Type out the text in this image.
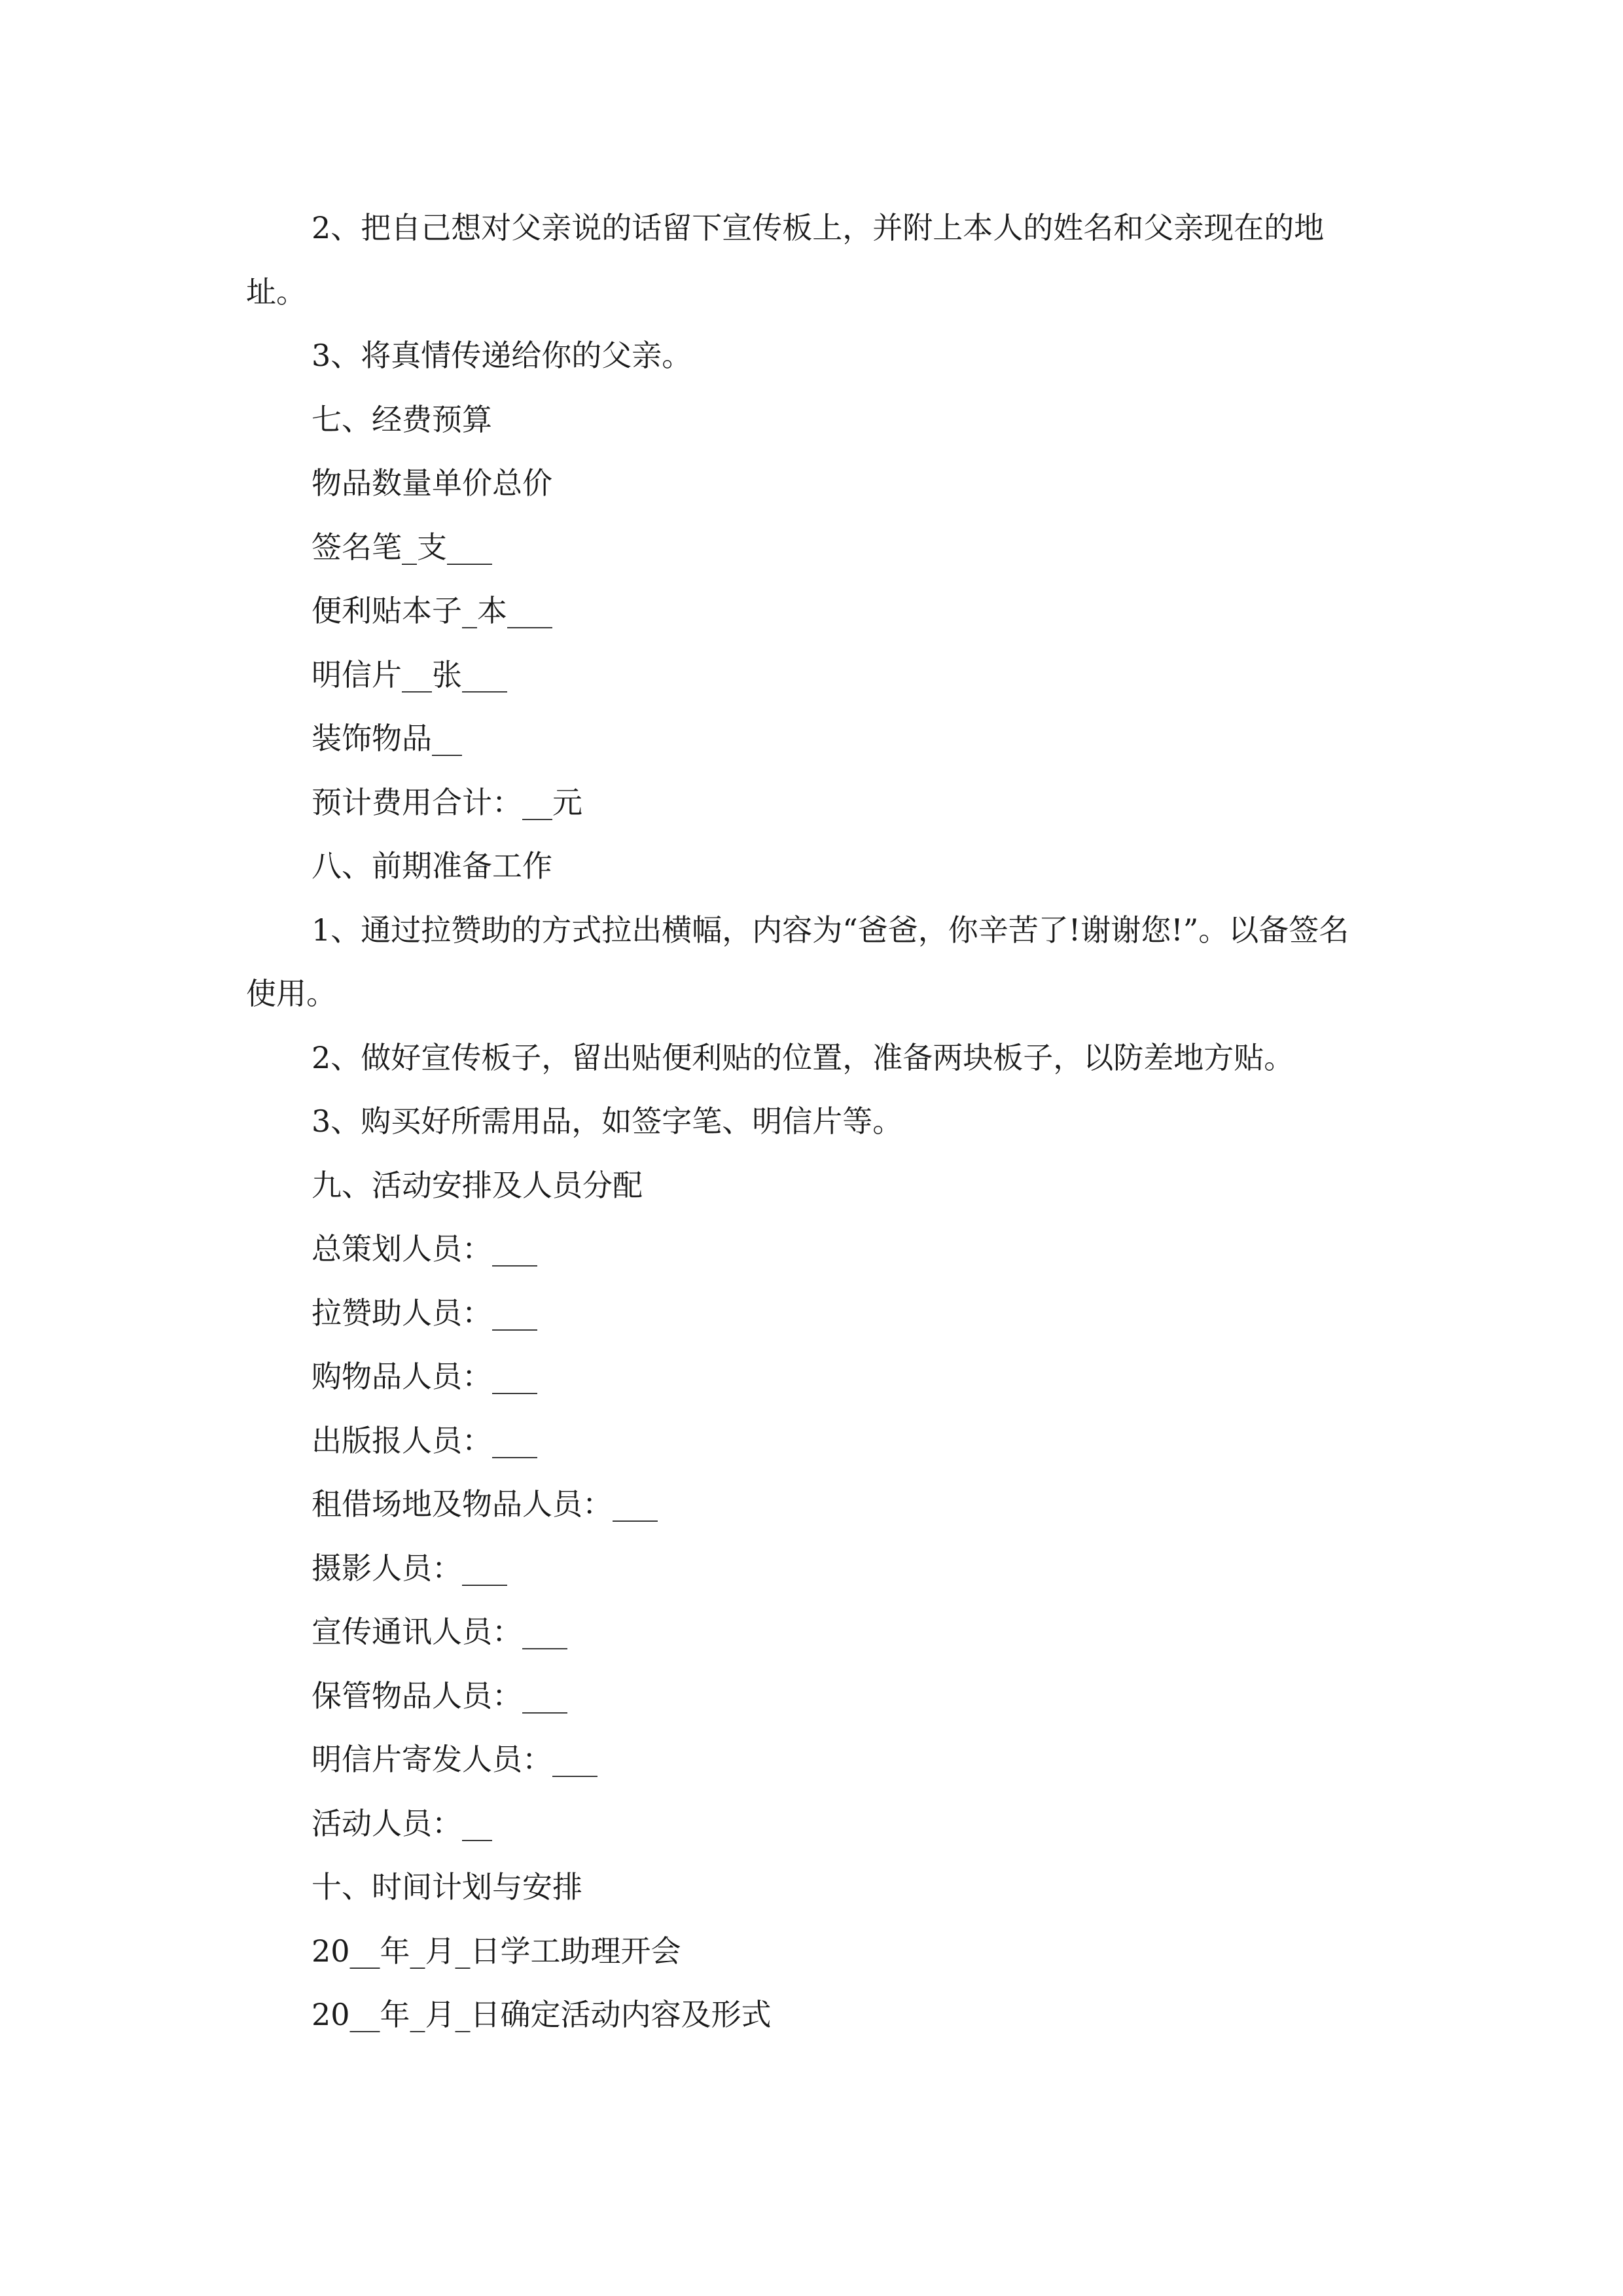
2、把自己想对父亲说的话留下宣传板上，并附上本人的姓名和父亲现在的地址。

3、将真情传递给你的父亲。

七、经费预算

物品数量单价总价

签名笔_支___

便利贴本子_本___

明信片__张___

装饰物品__

预计费用合计：__元

八、前期准备工作

1、通过拉赞助的方式拉出横幅，内容为“爸爸，你辛苦了!谢谢您!”。以备签名使用。

2、做好宣传板子，留出贴便利贴的位置，准备两块板子，以防差地方贴。

3、购买好所需用品，如签字笔、明信片等。

九、活动安排及人员分配

总策划人员：___

拉赞助人员：___

购物品人员：___

出版报人员：___

租借场地及物品人员：___

摄影人员：___

宣传通讯人员：___

保管物品人员：___

明信片寄发人员：___

活动人员：__

十、时间计划与安排

20__年_月_日学工助理开会

20__年_月_日确定活动内容及形式
